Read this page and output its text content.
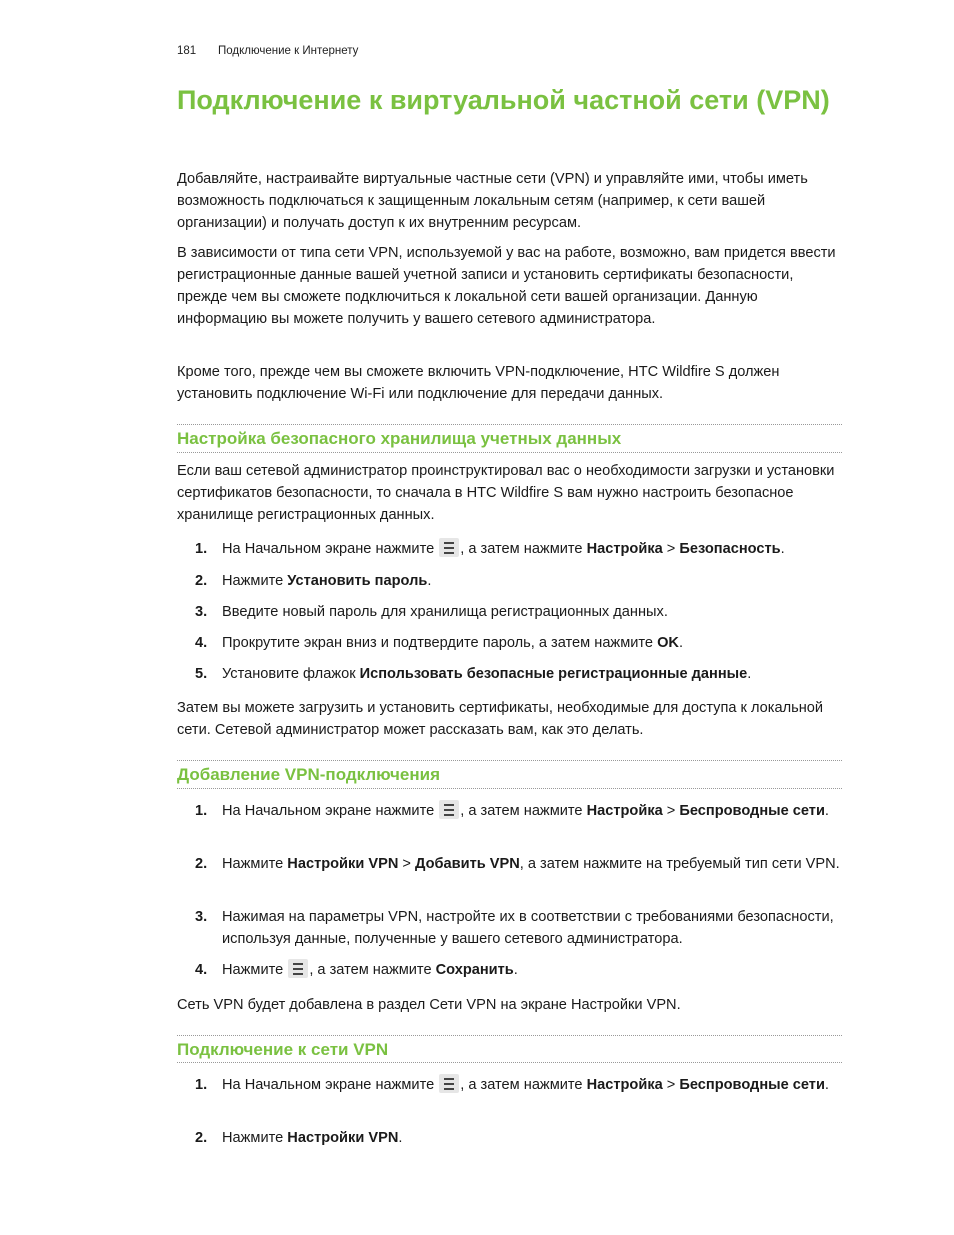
181 Подключение к Интернету
Подключение к виртуальной частной сети (VPN)

Добавляйте, настраивайте виртуальные частные сети (VPN) и управляйте ими, чтобы иметь возможность подключаться к защищенным локальным сетям (например, к сети вашей организации) и получать доступ к их внутренним ресурсам.

В зависимости от типа сети VPN, используемой у вас на работе, возможно, вам придется ввести регистрационные данные вашей учетной записи и установить сертификаты безопасности, прежде чем вы сможете подключиться к локальной сети вашей организации. Данную информацию вы можете получить у вашего сетевого администратора.

Кроме того, прежде чем вы сможете включить VPN-подключение, HTC Wildfire S должен установить подключение Wi-Fi или подключение для передачи данных.

Настройка безопасного хранилища учетных данных

Если ваш сетевой администратор проинструктировал вас о необходимости загрузки и установки сертификатов безопасности, то сначала в HTC Wildfire S вам нужно настроить безопасное хранилище регистрационных данных.

1. На Начальном экране нажмите , а затем нажмите Настройка > Безопасность.
2. Нажмите Установить пароль.
3. Введите новый пароль для хранилища регистрационных данных.
4. Прокрутите экран вниз и подтвердите пароль, а затем нажмите OK.
5. Установите флажок Использовать безопасные регистрационные данные.

Затем вы можете загрузить и установить сертификаты, необходимые для доступа к локальной сети. Сетевой администратор может рассказать вам, как это делать.

Добавление VPN-подключения
1. На Начальном экране нажмите , а затем нажмите Настройка > Беспроводные сети.
2. Нажмите Настройки VPN > Добавить VPN, а затем нажмите на требуемый тип сети VPN.
3. Нажимая на параметры VPN, настройте их в соответствии с требованиями безопасности, используя данные, полученные у вашего сетевого администратора.
4. Нажмите , а затем нажмите Сохранить.

Сеть VPN будет добавлена в раздел Сети VPN на экране Настройки VPN.

Подключение к сети VPN
1. На Начальном экране нажмите , а затем нажмите Настройка > Беспроводные сети.
2. Нажмите Настройки VPN.
